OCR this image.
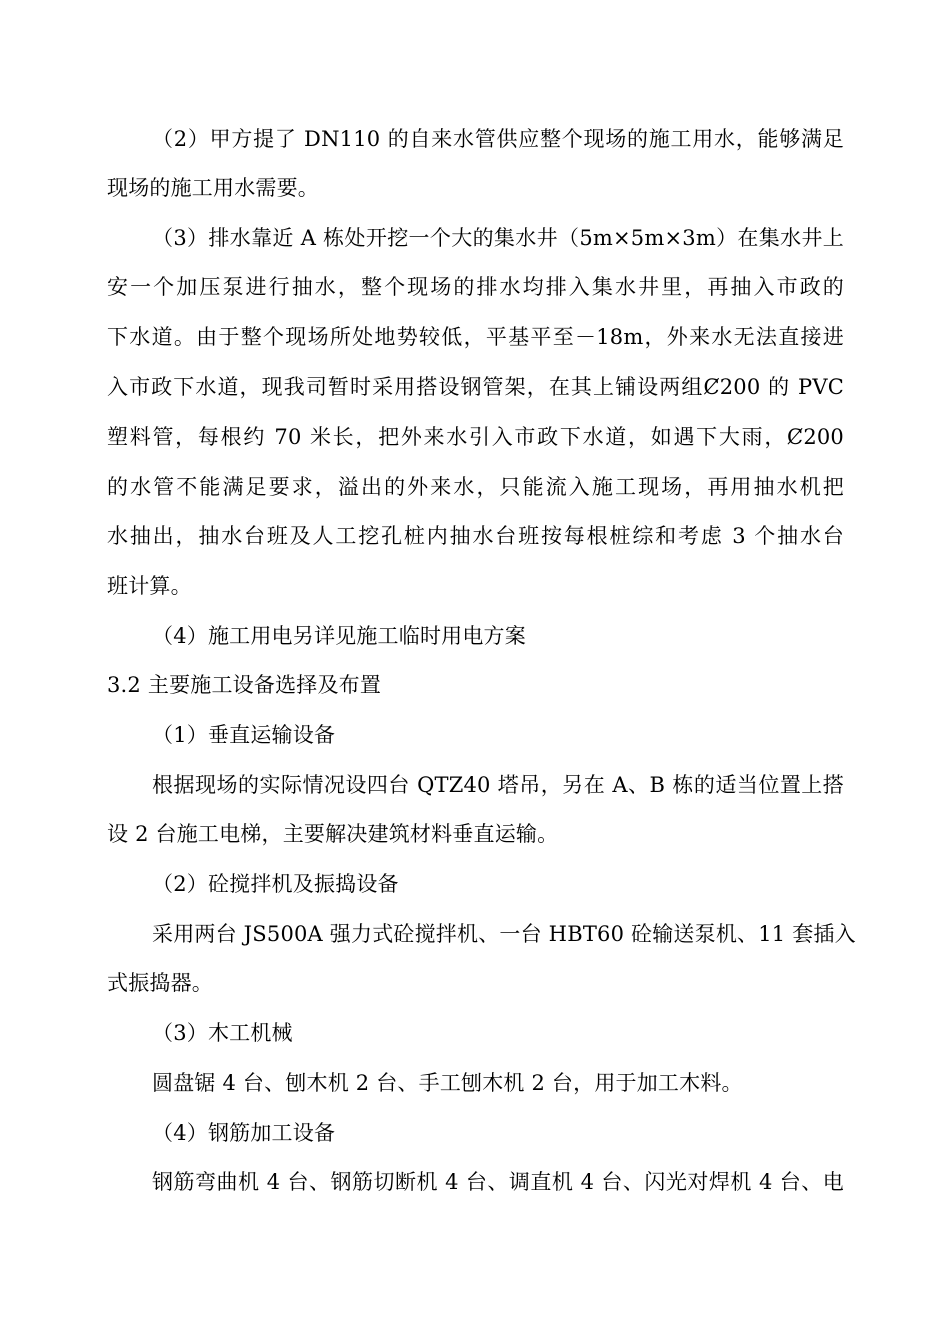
（2）甲方提了 DN110 的自来水管供应整个现场的施工用水，能够满足
现场的施工用水需要。
（3）排水靠近 A 栋处开挖一个大的集水井（5m×5m×3m）在集水井上
安一个加压泵进行抽水，整个现场的排水均排入集水井里，再抽入市政的
下水道。由于整个现场所处地势较低，平基平至－18m，外来水无法直接进
入市政下水道，现我司暂时采用搭设钢管架，在其上铺设两组Ȼ200 的 PVC
塑料管，每根约 70 米长，把外来水引入市政下水道，如遇下大雨，Ȼ200
的水管不能满足要求，溢出的外来水，只能流入施工现场，再用抽水机把
水抽出，抽水台班及人工挖孔桩内抽水台班按每根桩综和考虑 3 个抽水台
班计算。
（4）施工用电另详见施工临时用电方案
3.2 主要施工设备选择及布置
（1）垂直运输设备
根据现场的实际情况设四台 QTZ40 塔吊，另在 A、B 栋的适当位置上搭
设 2 台施工电梯，主要解决建筑材料垂直运输。
（2）砼搅拌机及振捣设备
采用两台 JS500A 强力式砼搅拌机、一台 HBT60 砼输送泵机、11 套插入
式振捣器。
（3）木工机械
圆盘锯 4 台、刨木机 2 台、手工刨木机 2 台，用于加工木料。
（4）钢筋加工设备
钢筋弯曲机 4 台、钢筋切断机 4 台、调直机 4 台、闪光对焊机 4 台、电
